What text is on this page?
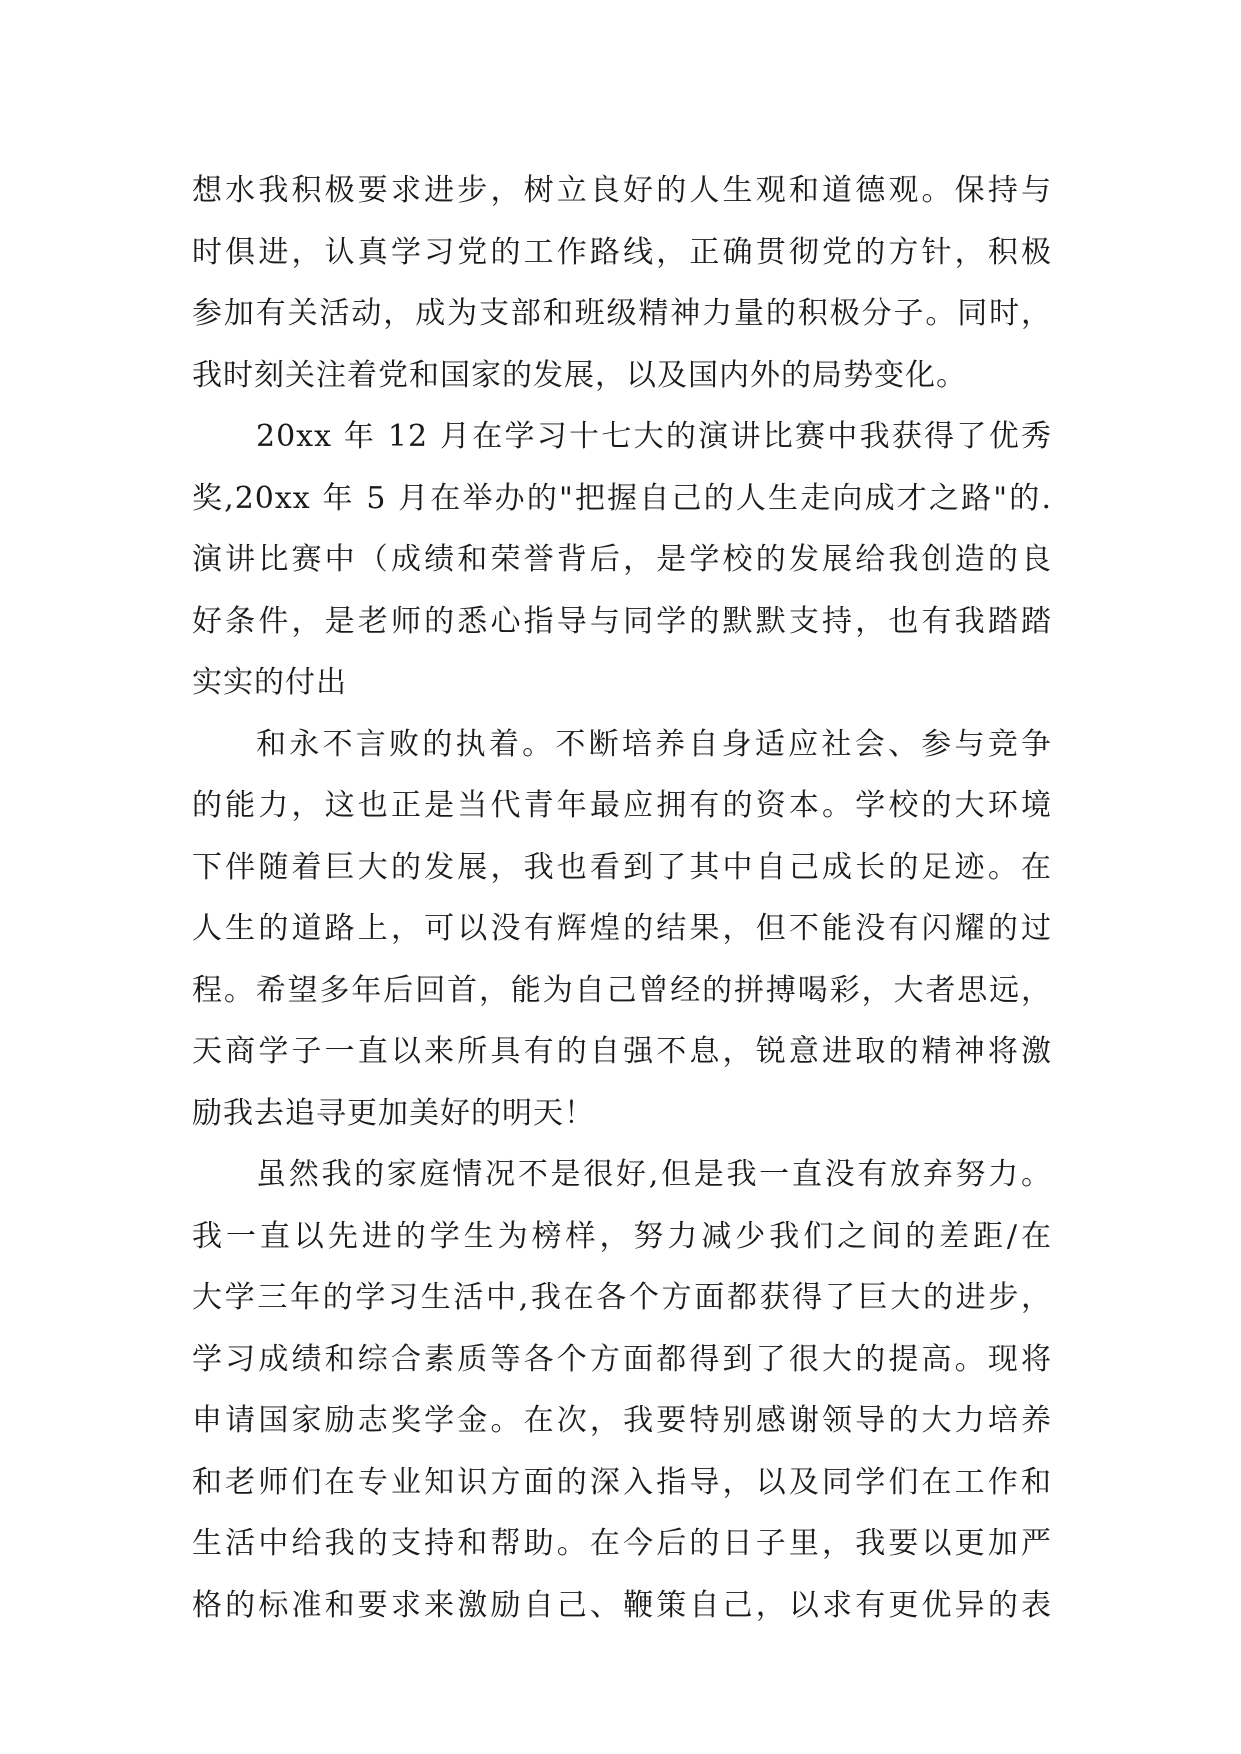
想水我积极要求进步，树立良好的人生观和道德观。保持与
时俱进，认真学习党的工作路线，正确贯彻党的方针，积极
参加有关活动，成为支部和班级精神力量的积极分子。同时，
我时刻关注着党和国家的发展，以及国内外的局势变化。
20xx 年 12 月在学习十七大的演讲比赛中我获得了优秀
奖,20xx 年 5 月在举办的"把握自己的人生走向成才之路"的.
演讲比赛中（成绩和荣誉背后，是学校的发展给我创造的良
好条件，是老师的悉心指导与同学的默默支持，也有我踏踏
实实的付出
和永不言败的执着。不断培养自身适应社会、参与竞争
的能力，这也正是当代青年最应拥有的资本。学校的大环境
下伴随着巨大的发展，我也看到了其中自己成长的足迹。在
人生的道路上，可以没有辉煌的结果，但不能没有闪耀的过
程。希望多年后回首，能为自己曾经的拼搏喝彩，大者思远，
天商学子一直以来所具有的自强不息，锐意进取的精神将激
励我去追寻更加美好的明天！
虽然我的家庭情况不是很好,但是我一直没有放弃努力。
我一直以先进的学生为榜样，努力减少我们之间的差距/在
大学三年的学习生活中,我在各个方面都获得了巨大的进步，
学习成绩和综合素质等各个方面都得到了很大的提高。现将
申请国家励志奖学金。在次，我要特别感谢领导的大力培养
和老师们在专业知识方面的深入指导，以及同学们在工作和
生活中给我的支持和帮助。在今后的日子里，我要以更加严
格的标准和要求来激励自己、鞭策自己，以求有更优异的表
